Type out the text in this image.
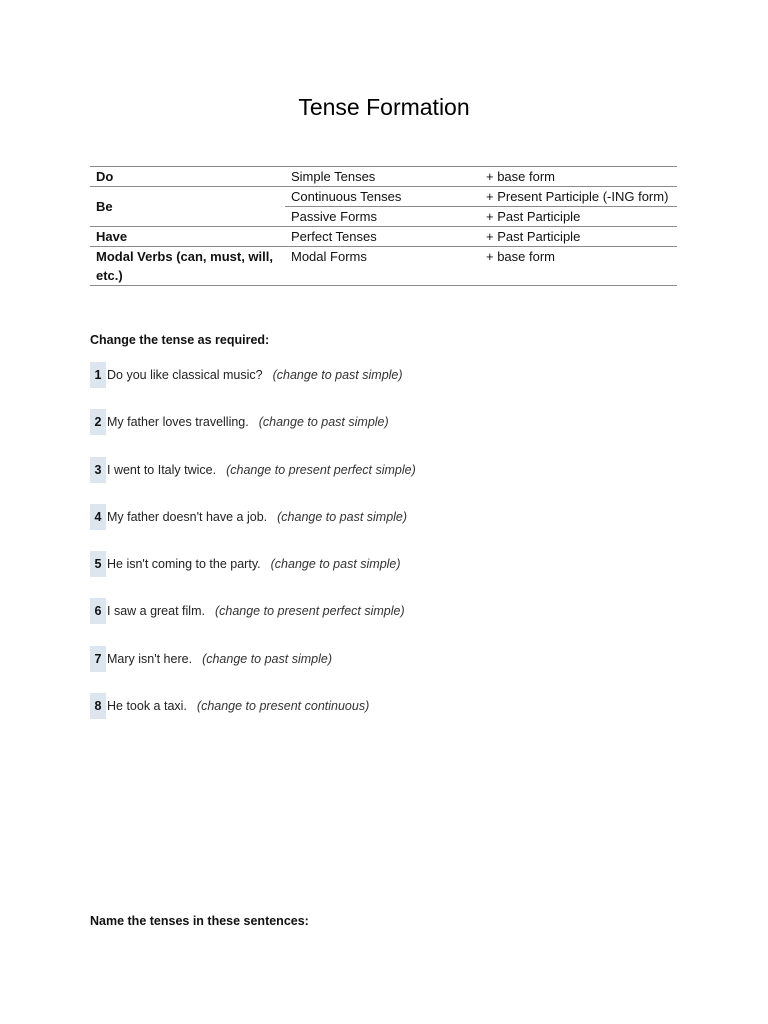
Tense Formation
Do	Simple Tenses	+ base form
Be	Continuous Tenses	+ Present Participle (-ING form)
	Passive Forms	+ Past Participle
Have	Perfect Tenses	+ Past Participle
Modal Verbs (can, must, will, etc.)	Modal Forms	+ base form
Change the tense as required:
1 Do you like classical music? (change to past simple)
2 My father loves travelling. (change to past simple)
3 I went to Italy twice. (change to present perfect simple)
4 My father doesn't have a job. (change to past simple)
5 He isn't coming to the party. (change to past simple)
6 I saw a great film. (change to present perfect simple)
7 Mary isn't here. (change to past simple)
8 He took a taxi. (change to present continuous)
Name the tenses in these sentences:
